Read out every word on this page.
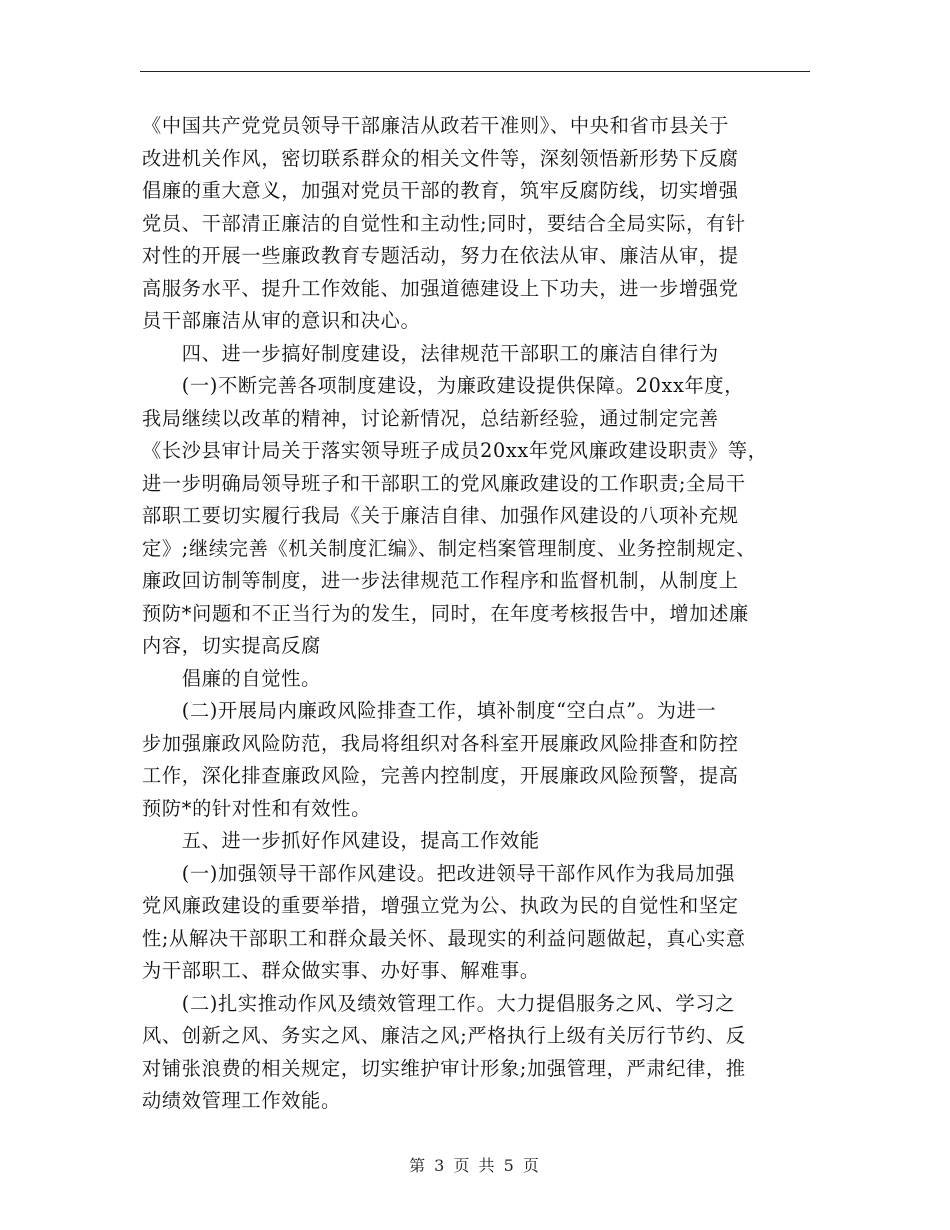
《中国共产党党员领导干部廉洁从政若干准则》、中央和省市县关于
改进机关作风，密切联系群众的相关文件等，深刻领悟新形势下反腐
倡廉的重大意义，加强对党员干部的教育，筑牢反腐防线，切实增强
党员、干部清正廉洁的自觉性和主动性;同时，要结合全局实际，有针
对性的开展一些廉政教育专题活动，努力在依法从审、廉洁从审，提
高服务水平、提升工作效能、加强道德建设上下功夫，进一步增强党
员干部廉洁从审的意识和决心。
　　四、进一步搞好制度建设，法律规范干部职工的廉洁自律行为
　　(一)不断完善各项制度建设，为廉政建设提供保障。20xx年度，
我局继续以改革的精神，讨论新情况，总结新经验，通过制定完善
《长沙县审计局关于落实领导班子成员20xx年党风廉政建设职责》等，
进一步明确局领导班子和干部职工的党风廉政建设的工作职责;全局干
部职工要切实履行我局《关于廉洁自律、加强作风建设的八项补充规
定》;继续完善《机关制度汇编》、制定档案管理制度、业务控制规定、
廉政回访制等制度，进一步法律规范工作程序和监督机制，从制度上
预防*问题和不正当行为的发生，同时，在年度考核报告中，增加述廉
内容，切实提高反腐
　　倡廉的自觉性。
　　(二)开展局内廉政风险排查工作，填补制度“空白点”。为进一
步加强廉政风险防范，我局将组织对各科室开展廉政风险排查和防控
工作，深化排查廉政风险，完善内控制度，开展廉政风险预警，提高
预防*的针对性和有效性。
　　五、进一步抓好作风建设，提高工作效能
　　(一)加强领导干部作风建设。把改进领导干部作风作为我局加强
党风廉政建设的重要举措，增强立党为公、执政为民的自觉性和坚定
性;从解决干部职工和群众最关怀、最现实的利益问题做起，真心实意
为干部职工、群众做实事、办好事、解难事。
　　(二)扎实推动作风及绩效管理工作。大力提倡服务之风、学习之
风、创新之风、务实之风、廉洁之风;严格执行上级有关厉行节约、反
对铺张浪费的相关规定，切实维护审计形象;加强管理，严肃纪律，推
动绩效管理工作效能。
第 3 页 共 5 页
